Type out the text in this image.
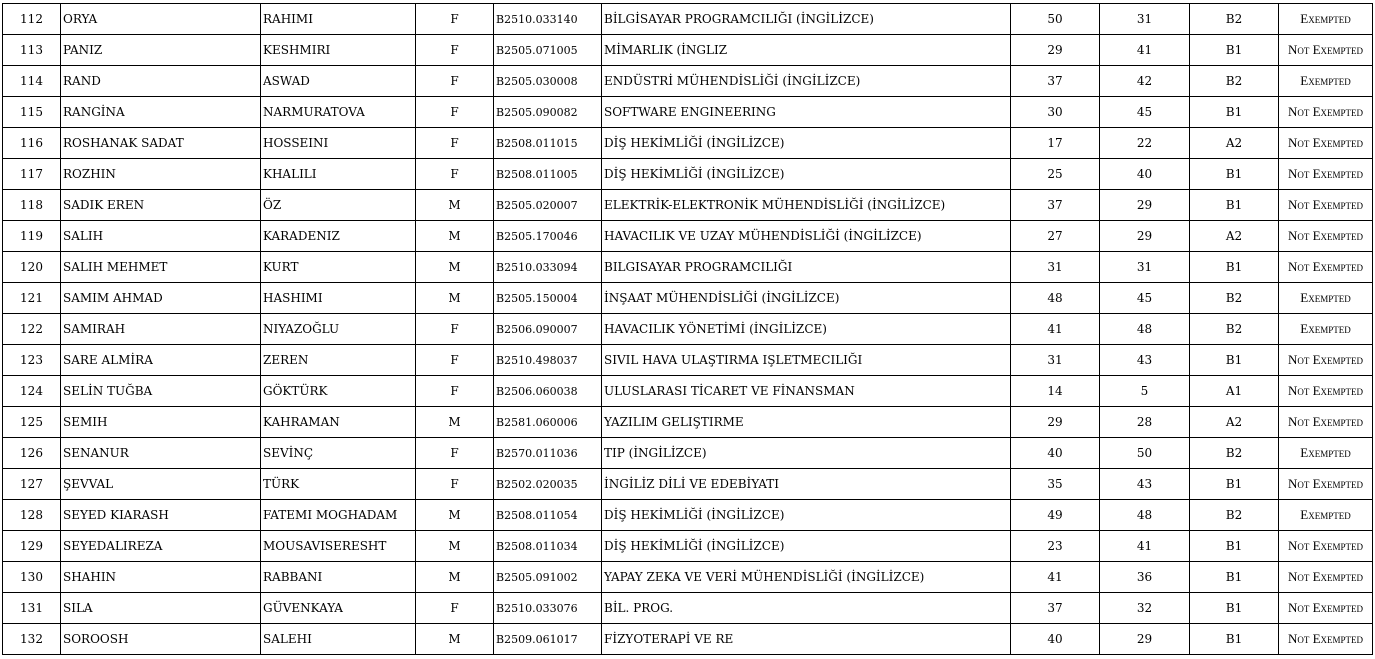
112	ORYA	RAHIMI	F	B2510.033140	BİLGİSAYAR PROGRAMCILIĞI (İNGİLİZCE)	50	31	B2	Exempted
113	PANIZ	KESHMIRI	F	B2505.071005	MİMARLIK (İNGLIZ	29	41	B1	Not Exempted
114	RAND	ASWAD	F	B2505.030008	ENDÜSTRİ MÜHENDİSLİĞİ (İNGİLİZCE)	37	42	B2	Exempted
115	RANGİNA	NARMURATOVA	F	B2505.090082	SOFTWARE ENGINEERING	30	45	B1	Not Exempted
116	ROSHANAK SADAT	HOSSEINI	F	B2508.011015	DİŞ HEKİMLİĞİ (İNGİLİZCE)	17	22	A2	Not Exempted
117	ROZHIN	KHALILI	F	B2508.011005	DİŞ HEKİMLİĞİ (İNGİLİZCE)	25	40	B1	Not Exempted
118	SADIK EREN	ÖZ	M	B2505.020007	ELEKTRİK-ELEKTRONİK MÜHENDİSLİĞİ (İNGİLİZCE)	37	29	B1	Not Exempted
119	SALIH	KARADENIZ	M	B2505.170046	HAVACILIK VE UZAY MÜHENDİSLİĞİ (İNGİLİZCE)	27	29	A2	Not Exempted
120	SALIH MEHMET	KURT	M	B2510.033094	BILGISAYAR PROGRAMCILIĞI	31	31	B1	Not Exempted
121	SAMIM AHMAD	HASHIMI	M	B2505.150004	İNŞAAT MÜHENDİSLİĞİ (İNGİLİZCE)	48	45	B2	Exempted
122	SAMIRAH	NIYAZOĞLU	F	B2506.090007	HAVACILIK YÖNETİMİ (İNGİLİZCE)	41	48	B2	Exempted
123	SARE ALMİRA	ZEREN	F	B2510.498037	SIVIL HAVA ULAŞTIRMA IŞLETMECILIĞI	31	43	B1	Not Exempted
124	SELİN TUĞBA	GÖKTÜRK	F	B2506.060038	ULUSLARASI TİCARET VE FİNANSMAN	14	5	A1	Not Exempted
125	SEMIH	KAHRAMAN	M	B2581.060006	YAZILIM GELIŞTIRME	29	28	A2	Not Exempted
126	SENANUR	SEVİNÇ	F	B2570.011036	TIP (İNGİLİZCE)	40	50	B2	Exempted
127	ŞEVVAL	TÜRK	F	B2502.020035	İNGİLİZ DİLİ VE EDEBİYATI	35	43	B1	Not Exempted
128	SEYED KIARASH	FATEMI MOGHADAM	M	B2508.011054	DİŞ HEKİMLİĞİ (İNGİLİZCE)	49	48	B2	Exempted
129	SEYEDALIREZA	MOUSAVISERESHT	M	B2508.011034	DİŞ HEKİMLİĞİ (İNGİLİZCE)	23	41	B1	Not Exempted
130	SHAHIN	RABBANI	M	B2505.091002	YAPAY ZEKA VE VERİ MÜHENDİSLİĞİ (İNGİLİZCE)	41	36	B1	Not Exempted
131	SILA	GÜVENKAYA	F	B2510.033076	BİL. PROG.	37	32	B1	Not Exempted
132	SOROOSH	SALEHI	M	B2509.061017	FİZYOTERAPİ VE RE	40	29	B1	Not Exempted
